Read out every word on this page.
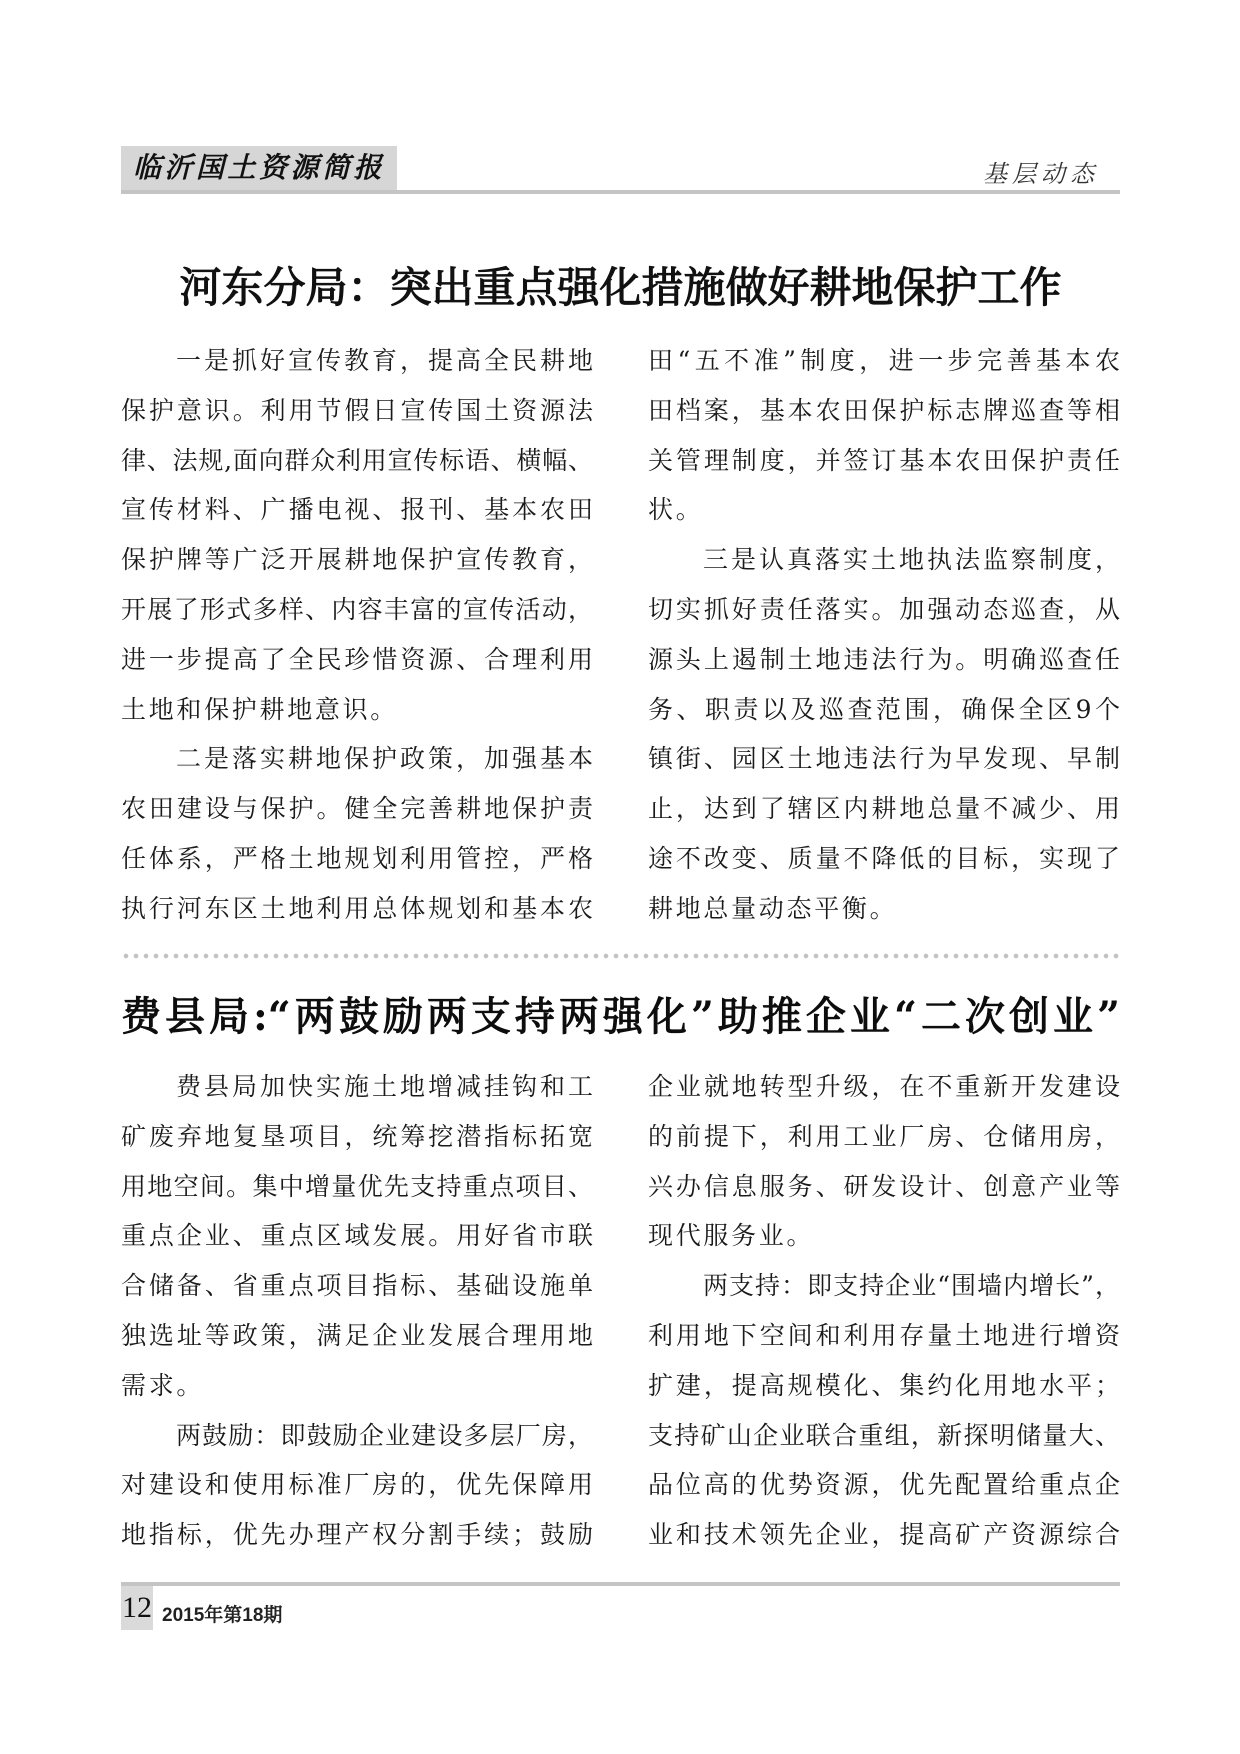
临沂国土资源简报	基层动态
河东分局：突出重点强化措施做好耕地保护工作
一是抓好宣传教育，提高全民耕地
保护意识。利用节假日宣传国土资源法
律、法规,面向群众利用宣传标语、横幅、
宣传材料、广播电视、报刊、基本农田
保护牌等广泛开展耕地保护宣传教育，
开展了形式多样、内容丰富的宣传活动，
进一步提高了全民珍惜资源、合理利用
土地和保护耕地意识。
二是落实耕地保护政策，加强基本
农田建设与保护。健全完善耕地保护责
任体系，严格土地规划利用管控，严格
执行河东区土地利用总体规划和基本农
田“五不准”制度，进一步完善基本农
田档案，基本农田保护标志牌巡查等相
关管理制度，并签订基本农田保护责任
状。
三是认真落实土地执法监察制度，
切实抓好责任落实。加强动态巡查，从
源头上遏制土地违法行为。明确巡查任
务、职责以及巡查范围，确保全区9个
镇街、园区土地违法行为早发现、早制
止，达到了辖区内耕地总量不减少、用
途不改变、质量不降低的目标，实现了
耕地总量动态平衡。
费县局:“两鼓励两支持两强化”助推企业“二次创业”
费县局加快实施土地增减挂钩和工
矿废弃地复垦项目，统筹挖潜指标拓宽
用地空间。集中增量优先支持重点项目、
重点企业、重点区域发展。用好省市联
合储备、省重点项目指标、基础设施单
独选址等政策，满足企业发展合理用地
需求。
两鼓励：即鼓励企业建设多层厂房，
对建设和使用标准厂房的，优先保障用
地指标，优先办理产权分割手续；鼓励
企业就地转型升级，在不重新开发建设
的前提下，利用工业厂房、仓储用房，
兴办信息服务、研发设计、创意产业等
现代服务业。
两支持：即支持企业“围墙内增长”，
利用地下空间和利用存量土地进行增资
扩建，提高规模化、集约化用地水平；
支持矿山企业联合重组，新探明储量大、
品位高的优势资源，优先配置给重点企
业和技术领先企业，提高矿产资源综合
12 2015年第18期
